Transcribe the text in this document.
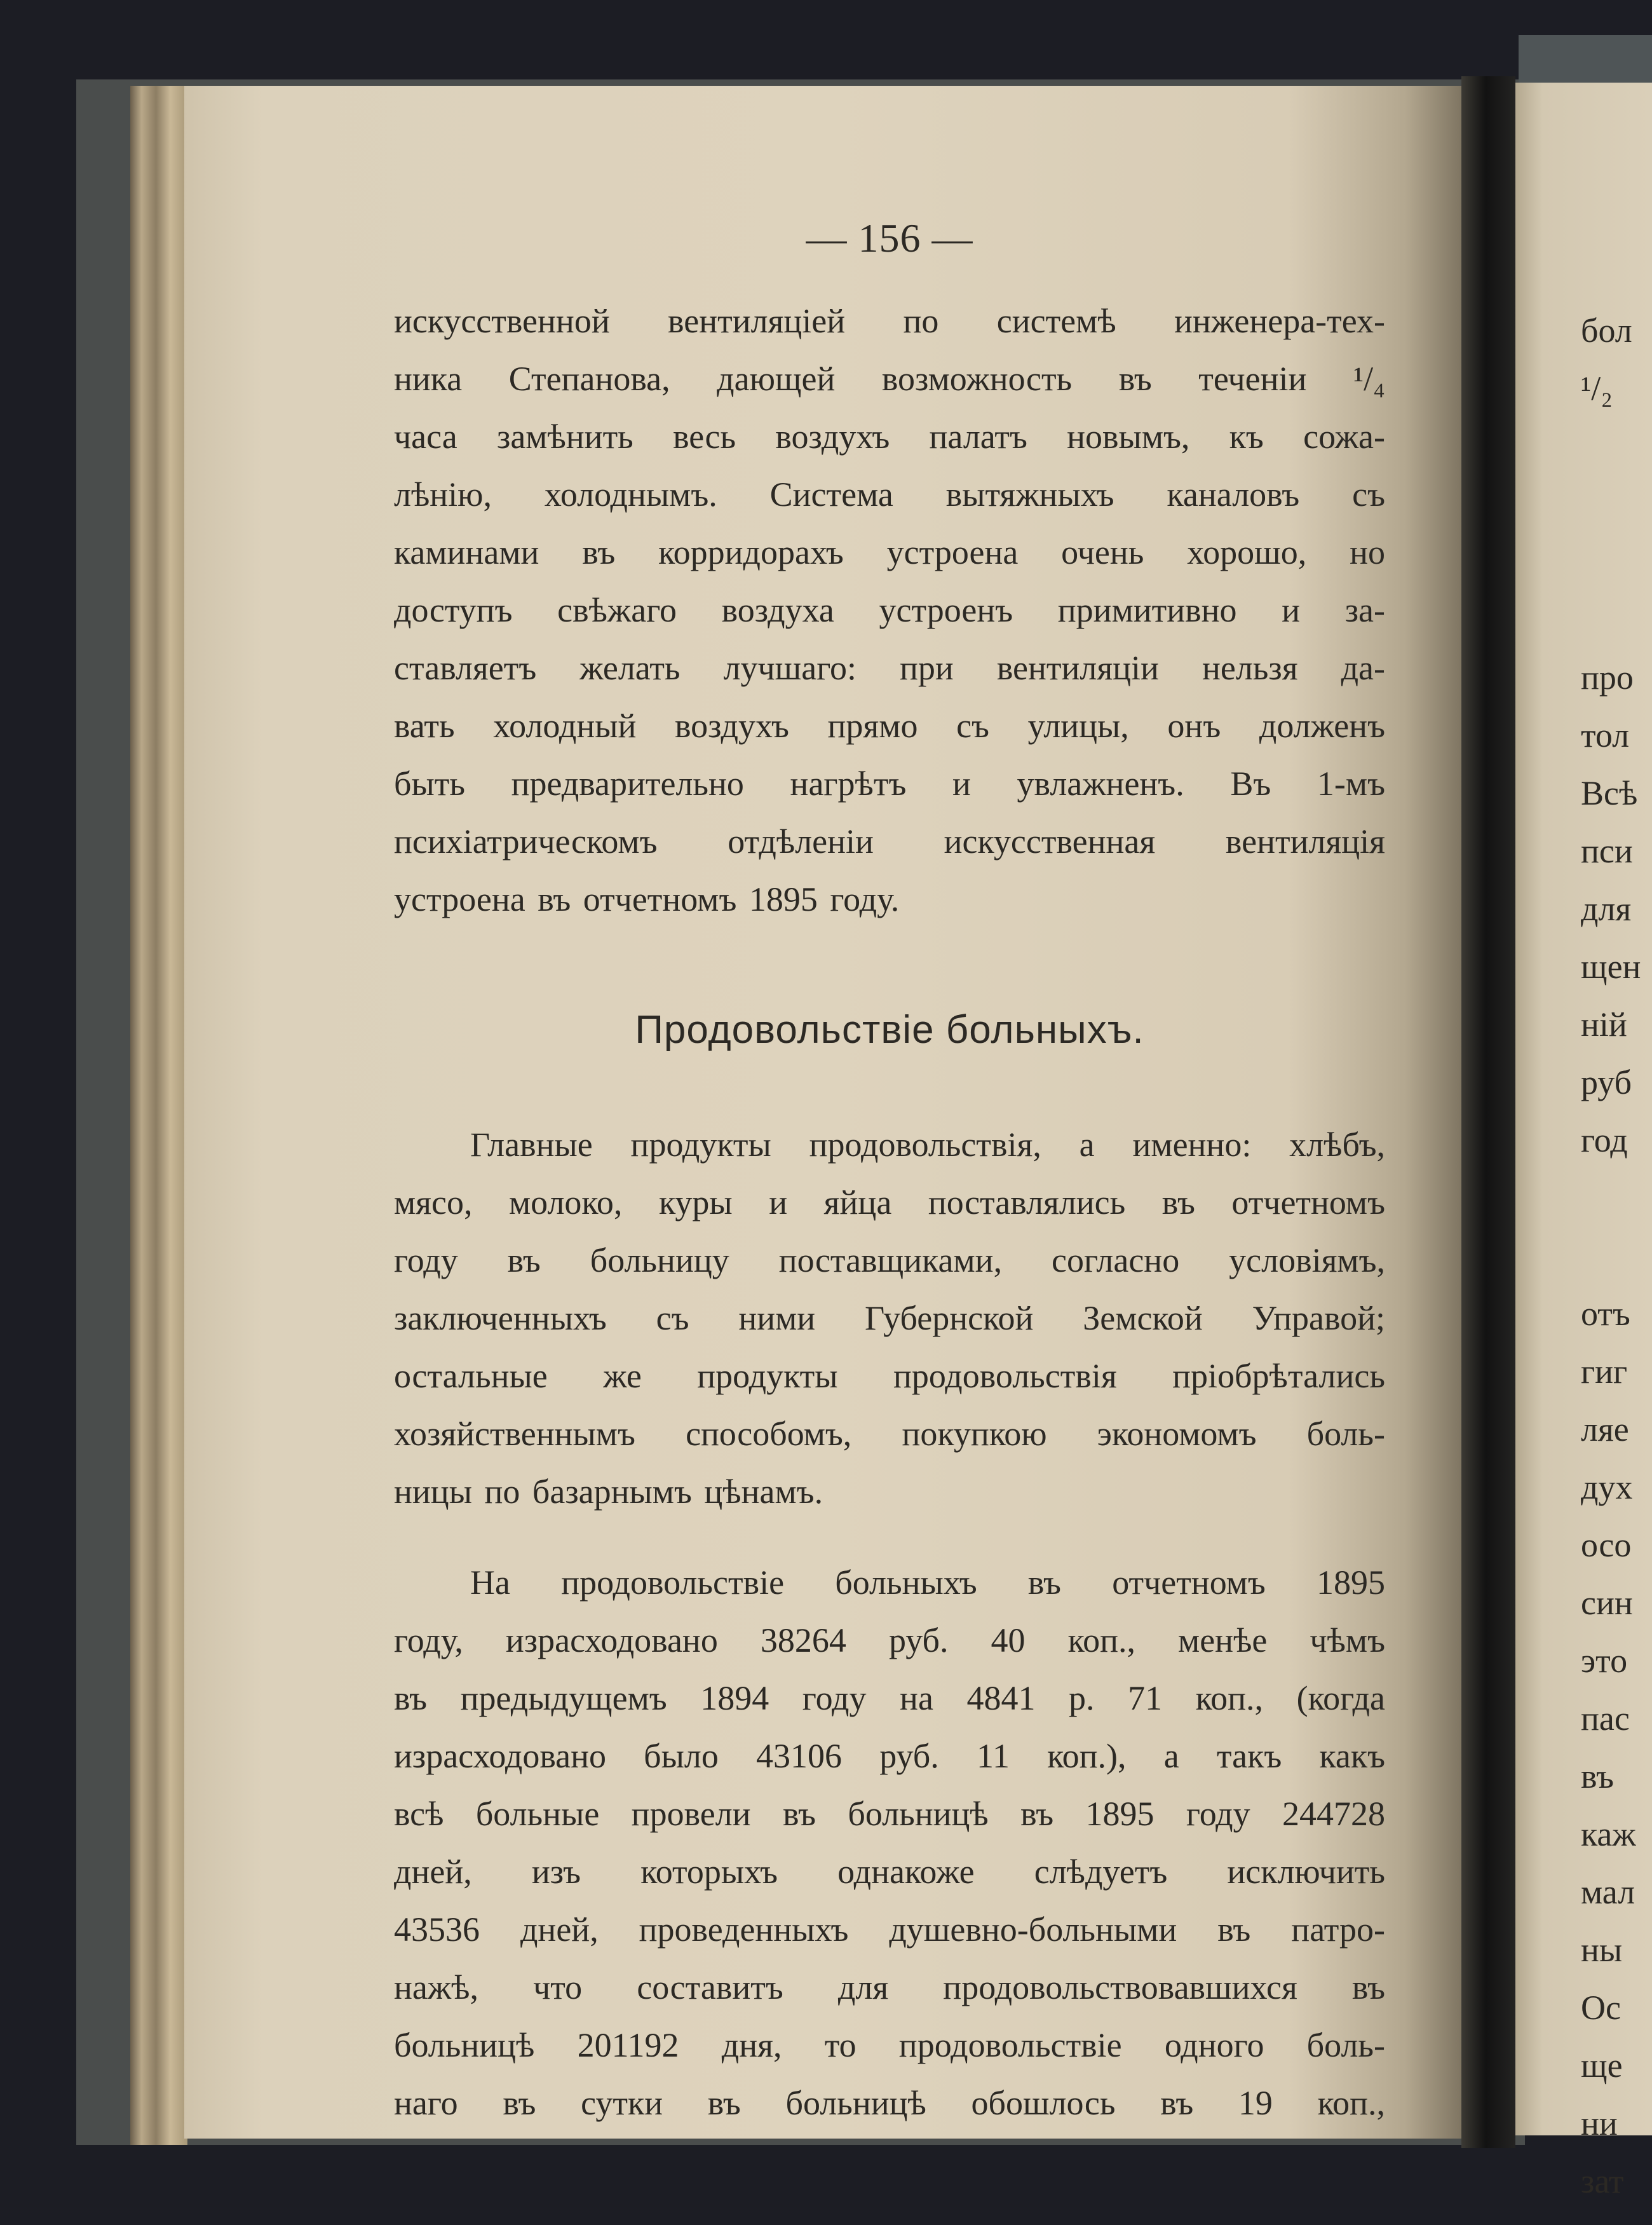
— 156 —
искусственной вентиляціей по системѣ инженера-тех-
ника Степанова, дающей возможность въ теченіи ¹/₄
часа замѣнить весь воздухъ палатъ новымъ, къ сожа-
лѣнію, холоднымъ. Система вытяжныхъ каналовъ съ
каминами въ корридорахъ устроена очень хорошо, но
доступъ свѣжаго воздуха устроенъ примитивно и за-
ставляетъ желать лучшаго: при вентиляціи нельзя да-
вать холодный воздухъ прямо съ улицы, онъ долженъ
быть предварительно нагрѣтъ и увлажненъ. Въ 1-мъ
психіатрическомъ отдѣленіи искусственная вентиляція
устроена въ отчетномъ 1895 году.
Продовольствіе больныхъ.
Главные продукты продовольствія, а именно: хлѣбъ,
мясо, молоко, куры и яйца поставлялись въ отчетномъ
году въ больницу поставщиками, согласно условіямъ,
заключенныхъ съ ними Губернской Земской Управой;
остальные же продукты продовольствія пріобрѣтались
хозяйственнымъ способомъ, покупкою экономомъ боль-
ницы по базарнымъ цѣнамъ.
На продовольствіе больныхъ въ отчетномъ 1895
году, израсходовано 38264 руб. 40 коп., менѣе чѣмъ
въ предыдущемъ 1894 году на 4841 р. 71 коп., (когда
израсходовано было 43106 руб. 11 коп.), а такъ какъ
всѣ больные провели въ больницѣ въ 1895 году 244728
дней, изъ которыхъ однакоже слѣдуетъ исключить
43536 дней, проведенныхъ душевно-больными въ патро-
нажѣ, что составитъ для продовольствовавшихся въ
больницѣ 201192 дня, то продовольствіе одного боль-
наго въ сутки въ больницѣ обошлось въ 19 коп.,
бол
¹/₂

про
тол
Всѣ
пси
для
щен
ній
руб
год

отъ
гиг
ляе
дух
осо
син
это
пас
въ
каж
мал
ны
Ос
ще
ни
зат
